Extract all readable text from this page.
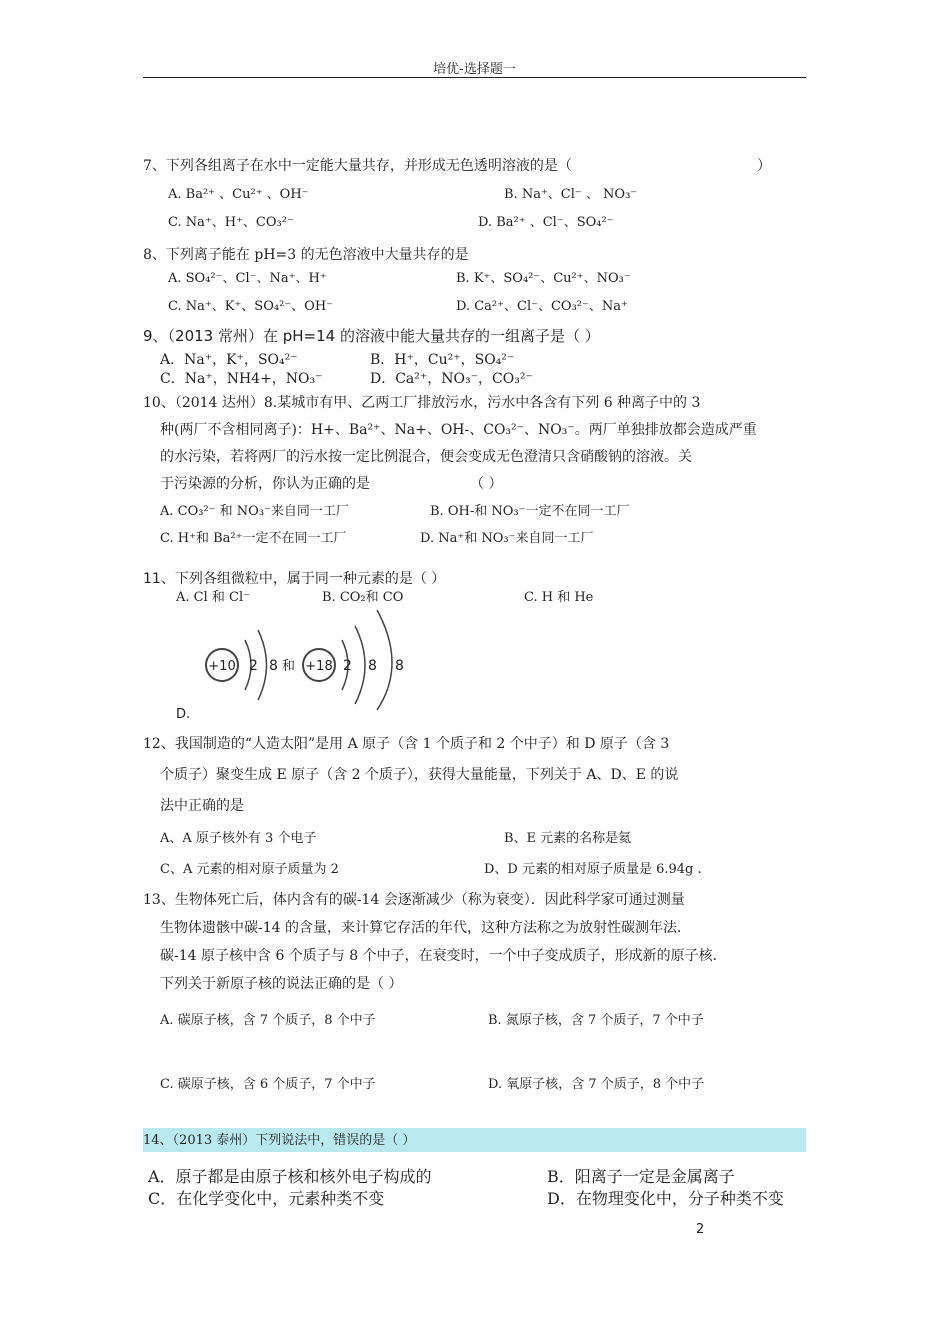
培优-选择题一
7、下列各组离子在水中一定能大量共存，并形成无色透明溶液的是（	）
A. Ba²⁺ 、Cu²⁺ 、OH⁻	B. Na⁺、Cl⁻ 、 NO₃⁻
C. Na⁺、H⁺、CO₃²⁻	D. Ba²⁺ 、Cl⁻、SO₄²⁻
8、下列离子能在 pH=3 的无色溶液中大量共存的是
A. SO₄²⁻、Cl⁻、Na⁺、H⁺	B. K⁺、SO₄²⁻、Cu²⁺、NO₃⁻
C. Na⁺、K⁺、SO₄²⁻、OH⁻	D. Ca²⁺、Cl⁻、CO₃²⁻、Na⁺
9、（2013 常州）在 pH=14 的溶液中能大量共存的一组离子是（ ）
A．Na⁺，K⁺，SO₄²⁻	B．H⁺，Cu²⁺，SO₄²⁻
C．Na⁺，NH4+，NO₃⁻	D．Ca²⁺，NO₃⁻，CO₃²⁻
10、（2014 达州）8.某城市有甲、乙两工厂排放污水，污水中各含有下列 6 种离子中的 3
种(两厂不含相同离子)：H+、Ba²⁺、Na+、OH-、CO₃²⁻、NO₃⁻。两厂单独排放都会造成严重
的水污染，若将两厂的污水按一定比例混合，便会变成无色澄清只含硝酸钠的溶液。关
于污染源的分析，你认为正确的是	（ ）
A. CO₃²⁻ 和 NO₃⁻来自同一工厂	B. OH-和 NO₃⁻一定不在同一工厂
C. H⁺和 Ba²⁺一定不在同一工厂	D. Na⁺和 NO₃⁻来自同一工厂
11、下列各组微粒中，属于同一种元素的是（ ）
A. Cl 和 Cl⁻	B. CO₂和 CO	C. H 和 He
+10 2 8 和 +18 2 8 8
D.
12、我国制造的“人造太阳”是用 A 原子（含 1 个质子和 2 个中子）和 D 原子（含 3
个质子）聚变生成 E 原子（含 2 个质子），获得大量能量，下列关于 A、D、E 的说
法中正确的是
A、A 原子核外有 3 个电子	B、E 元素的名称是氦
C、A 元素的相对原子质量为 2	D、D 元素的相对原子质量是 6.94g .
13、生物体死亡后，体内含有的碳-14 会逐渐减少（称为衰变）．因此科学家可通过测量
生物体遗骸中碳-14 的含量，来计算它存活的年代，这种方法称之为放射性碳测年法．
碳-14 原子核中含 6 个质子与 8 个中子，在衰变时，一个中子变成质子，形成新的原子核．
下列关于新原子核的说法正确的是（ ）
A. 碳原子核，含 7 个质子，8 个中子	B. 氮原子核，含 7 个质子，7 个中子
C. 碳原子核，含 6 个质子，7 个中子	D. 氧原子核，含 7 个质子，8 个中子
14、（2013 泰州）下列说法中，错误的是（ ）
A．原子都是由原子核和核外电子构成的	B．阳离子一定是金属离子
C．在化学变化中，元素种类不变	D．在物理变化中，分子种类不变
2
